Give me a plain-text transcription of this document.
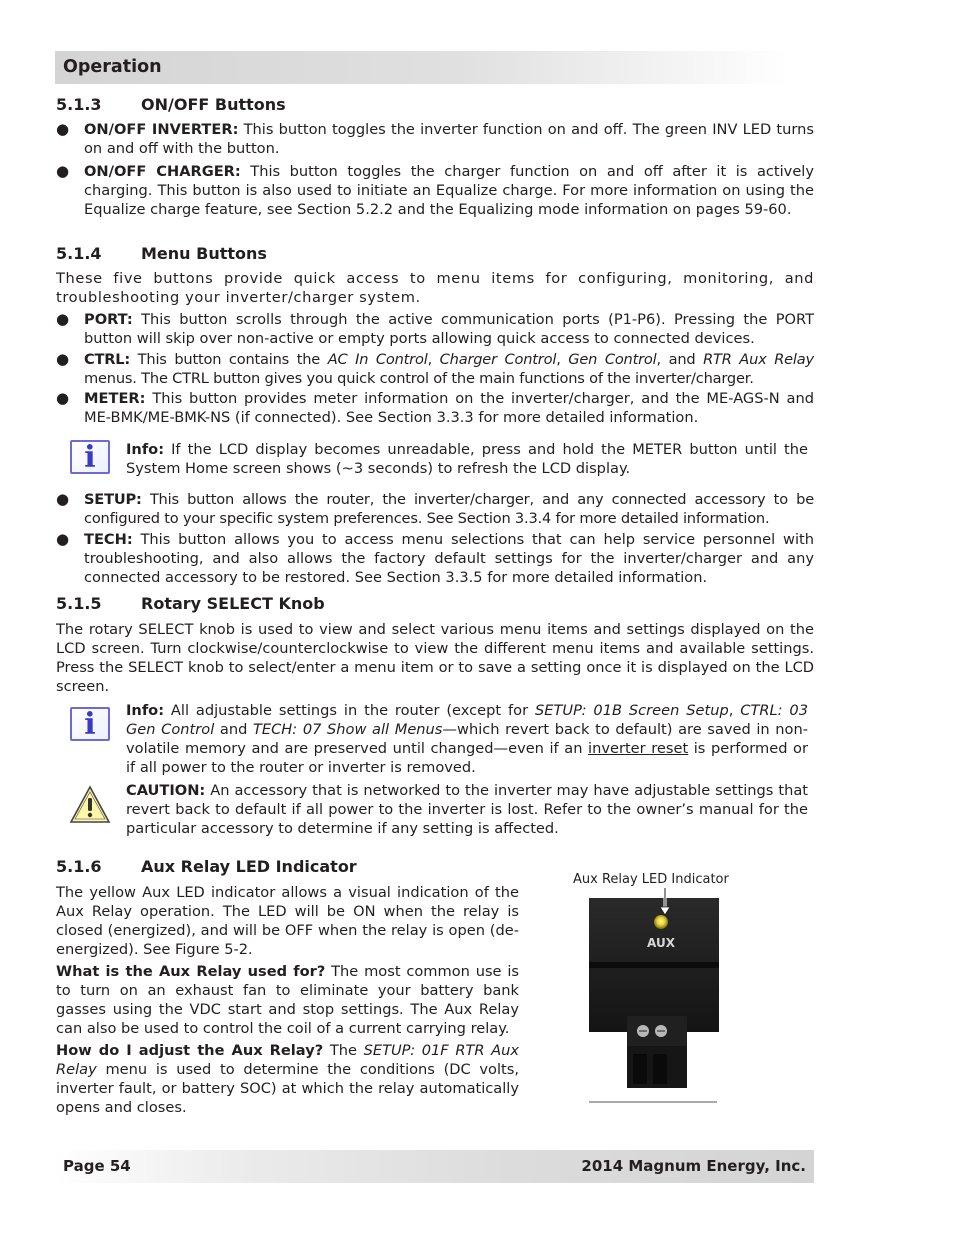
Operation
5.1.3 ON/OFF Buttons
● ON/OFF INVERTER: This button toggles the inverter function on and off. The green INV LED turns on and off with the button.

● ON/OFF CHARGER: This button toggles the charger function on and off after it is actively charging. This button is also used to initiate an Equalize charge. For more information on using the Equalize charge feature, see Section 5.2.2 and the Equalizing mode information on pages 59-60.

5.1.4 Menu Buttons

These five buttons provide quick access to menu items for configuring, monitoring, and troubleshooting your inverter/charger system.

● PORT: This button scrolls through the active communication ports (P1-P6). Pressing the PORT button will skip over non-active or empty ports allowing quick access to connected devices.

● CTRL: This button contains the AC In Control, Charger Control, Gen Control, and RTR Aux Relay menus. The CTRL button gives you quick control of the main functions of the inverter/charger.

● METER: This button provides meter information on the inverter/charger, and the ME-AGS-N and ME-BMK/ME-BMK-NS (if connected). See Section 3.3.3 for more detailed information.

i Info: If the LCD display becomes unreadable, press and hold the METER button until the System Home screen shows (~3 seconds) to refresh the LCD display.

● SETUP: This button allows the router, the inverter/charger, and any connected accessory to be configured to your specific system preferences. See Section 3.3.4 for more detailed information.

● TECH: This button allows you to access menu selections that can help service personnel with troubleshooting, and also allows the factory default settings for the inverter/charger and any connected accessory to be restored. See Section 3.3.5 for more detailed information.

5.1.5 Rotary SELECT Knob

The rotary SELECT knob is used to view and select various menu items and settings displayed on the LCD screen. Turn clockwise/counterclockwise to view the different menu items and available settings. Press the SELECT knob to select/enter a menu item or to save a setting once it is displayed on the LCD screen.

i Info: All adjustable settings in the router (except for SETUP: 01B Screen Setup, CTRL: 03 Gen Control and TECH: 07 Show all Menus—which revert back to default) are saved in non-volatile memory and are preserved until changed—even if an inverter reset is performed or if all power to the router or inverter is removed.

CAUTION: An accessory that is networked to the inverter may have adjustable settings that revert back to default if all power to the inverter is lost. Refer to the owner’s manual for the particular accessory to determine if any setting is affected.

5.1.6 Aux Relay LED Indicator

The yellow Aux LED indicator allows a visual indication of the Aux Relay operation. The LED will be ON when the relay is closed (energized), and will be OFF when the relay is open (de-energized). See Figure 5-2.

What is the Aux Relay used for? The most common use is to turn on an exhaust fan to eliminate your battery bank gasses using the VDC start and stop settings. The Aux Relay can also be used to control the coil of a current carrying relay.

How do I adjust the Aux Relay? The SETUP: 01F RTR Aux Relay menu is used to determine the conditions (DC volts, inverter fault, or battery SOC) at which the relay automatically opens and closes.

Aux Relay LED Indicator
AUX
Page 54	2014 Magnum Energy, Inc.
